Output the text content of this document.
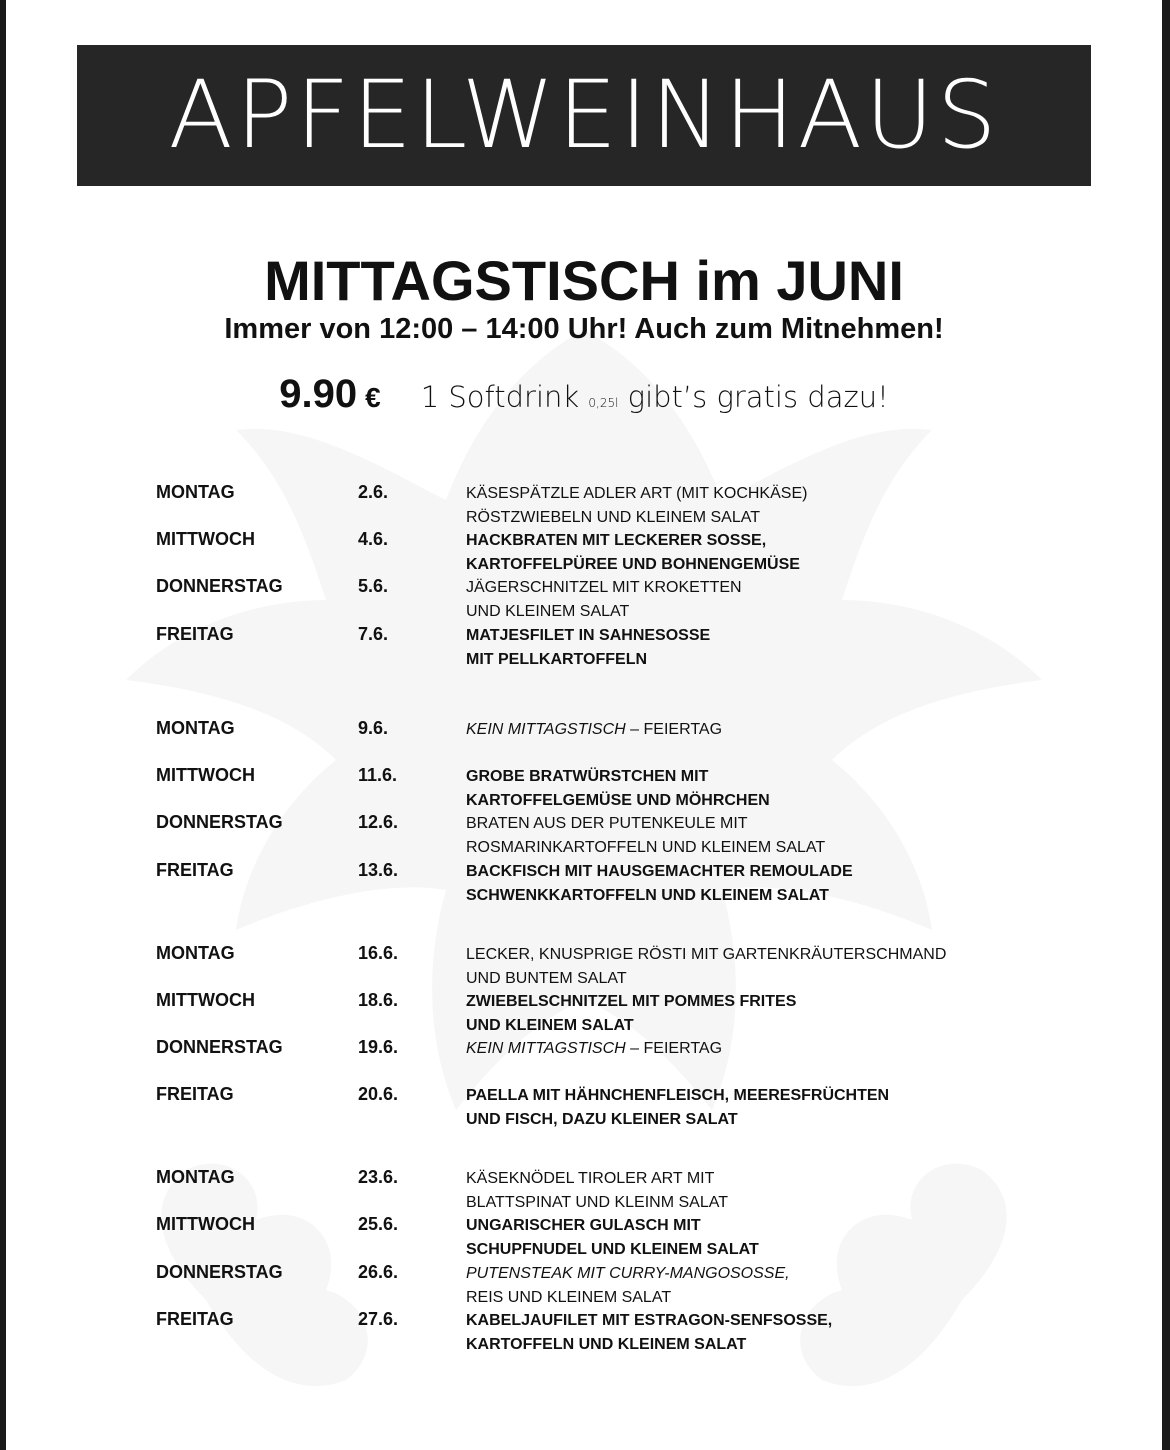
APFELWEINHAUS
MITTAGSTISCH im JUNI
Immer von 12:00 – 14:00 Uhr! Auch zum Mitnehmen!
9.90 € 1 Softdrink 0,25l gibt’s gratis dazu!
MONTAG	2.6.	KÄSESPÄTZLE ADLER ART (MIT KOCHKÄSE)
RÖSTZWIEBELN UND KLEINEM SALAT
MITTWOCH	4.6.	HACKBRATEN MIT LECKERER SOSSE,
KARTOFFELPÜREE UND BOHNENGEMÜSE
DONNERSTAG	5.6.	JÄGERSCHNITZEL MIT KROKETTEN
UND KLEINEM SALAT
FREITAG	7.6.	MATJESFILET IN SAHNESOSSE
MIT PELLKARTOFFELN
MONTAG	9.6.	KEIN MITTAGSTISCH – FEIERTAG
MITTWOCH	11.6.	GROBE BRATWÜRSTCHEN MIT
KARTOFFELGEMÜSE UND MÖHRCHEN
DONNERSTAG	12.6.	BRATEN AUS DER PUTENKEULE MIT
ROSMARINKARTOFFELN UND KLEINEM SALAT
FREITAG	13.6.	BACKFISCH MIT HAUSGEMACHTER REMOULADE
SCHWENKKARTOFFELN UND KLEINEM SALAT
MONTAG	16.6.	LECKER, KNUSPRIGE RÖSTI MIT GARTENKRÄUTERSCHMAND
UND BUNTEM SALAT
MITTWOCH	18.6.	ZWIEBELSCHNITZEL MIT POMMES FRITES
UND KLEINEM SALAT
DONNERSTAG	19.6.	KEIN MITTAGSTISCH – FEIERTAG
FREITAG	20.6.	PAELLA MIT HÄHNCHENFLEISCH, MEERESFRÜCHTEN
UND FISCH, DAZU KLEINER SALAT
MONTAG	23.6.	KÄSEKNÖDEL TIROLER ART MIT
BLATTSPINAT UND KLEINM SALAT
MITTWOCH	25.6.	UNGARISCHER GULASCH MIT
SCHUPFNUDEL UND KLEINEM SALAT
DONNERSTAG	26.6.	PUTENSTEAK MIT CURRY-MANGOSOSSE,
REIS UND KLEINEM SALAT
FREITAG	27.6.	KABELJAUFILET MIT ESTRAGON-SENFSOSSE,
KARTOFFELN UND KLEINEM SALAT
